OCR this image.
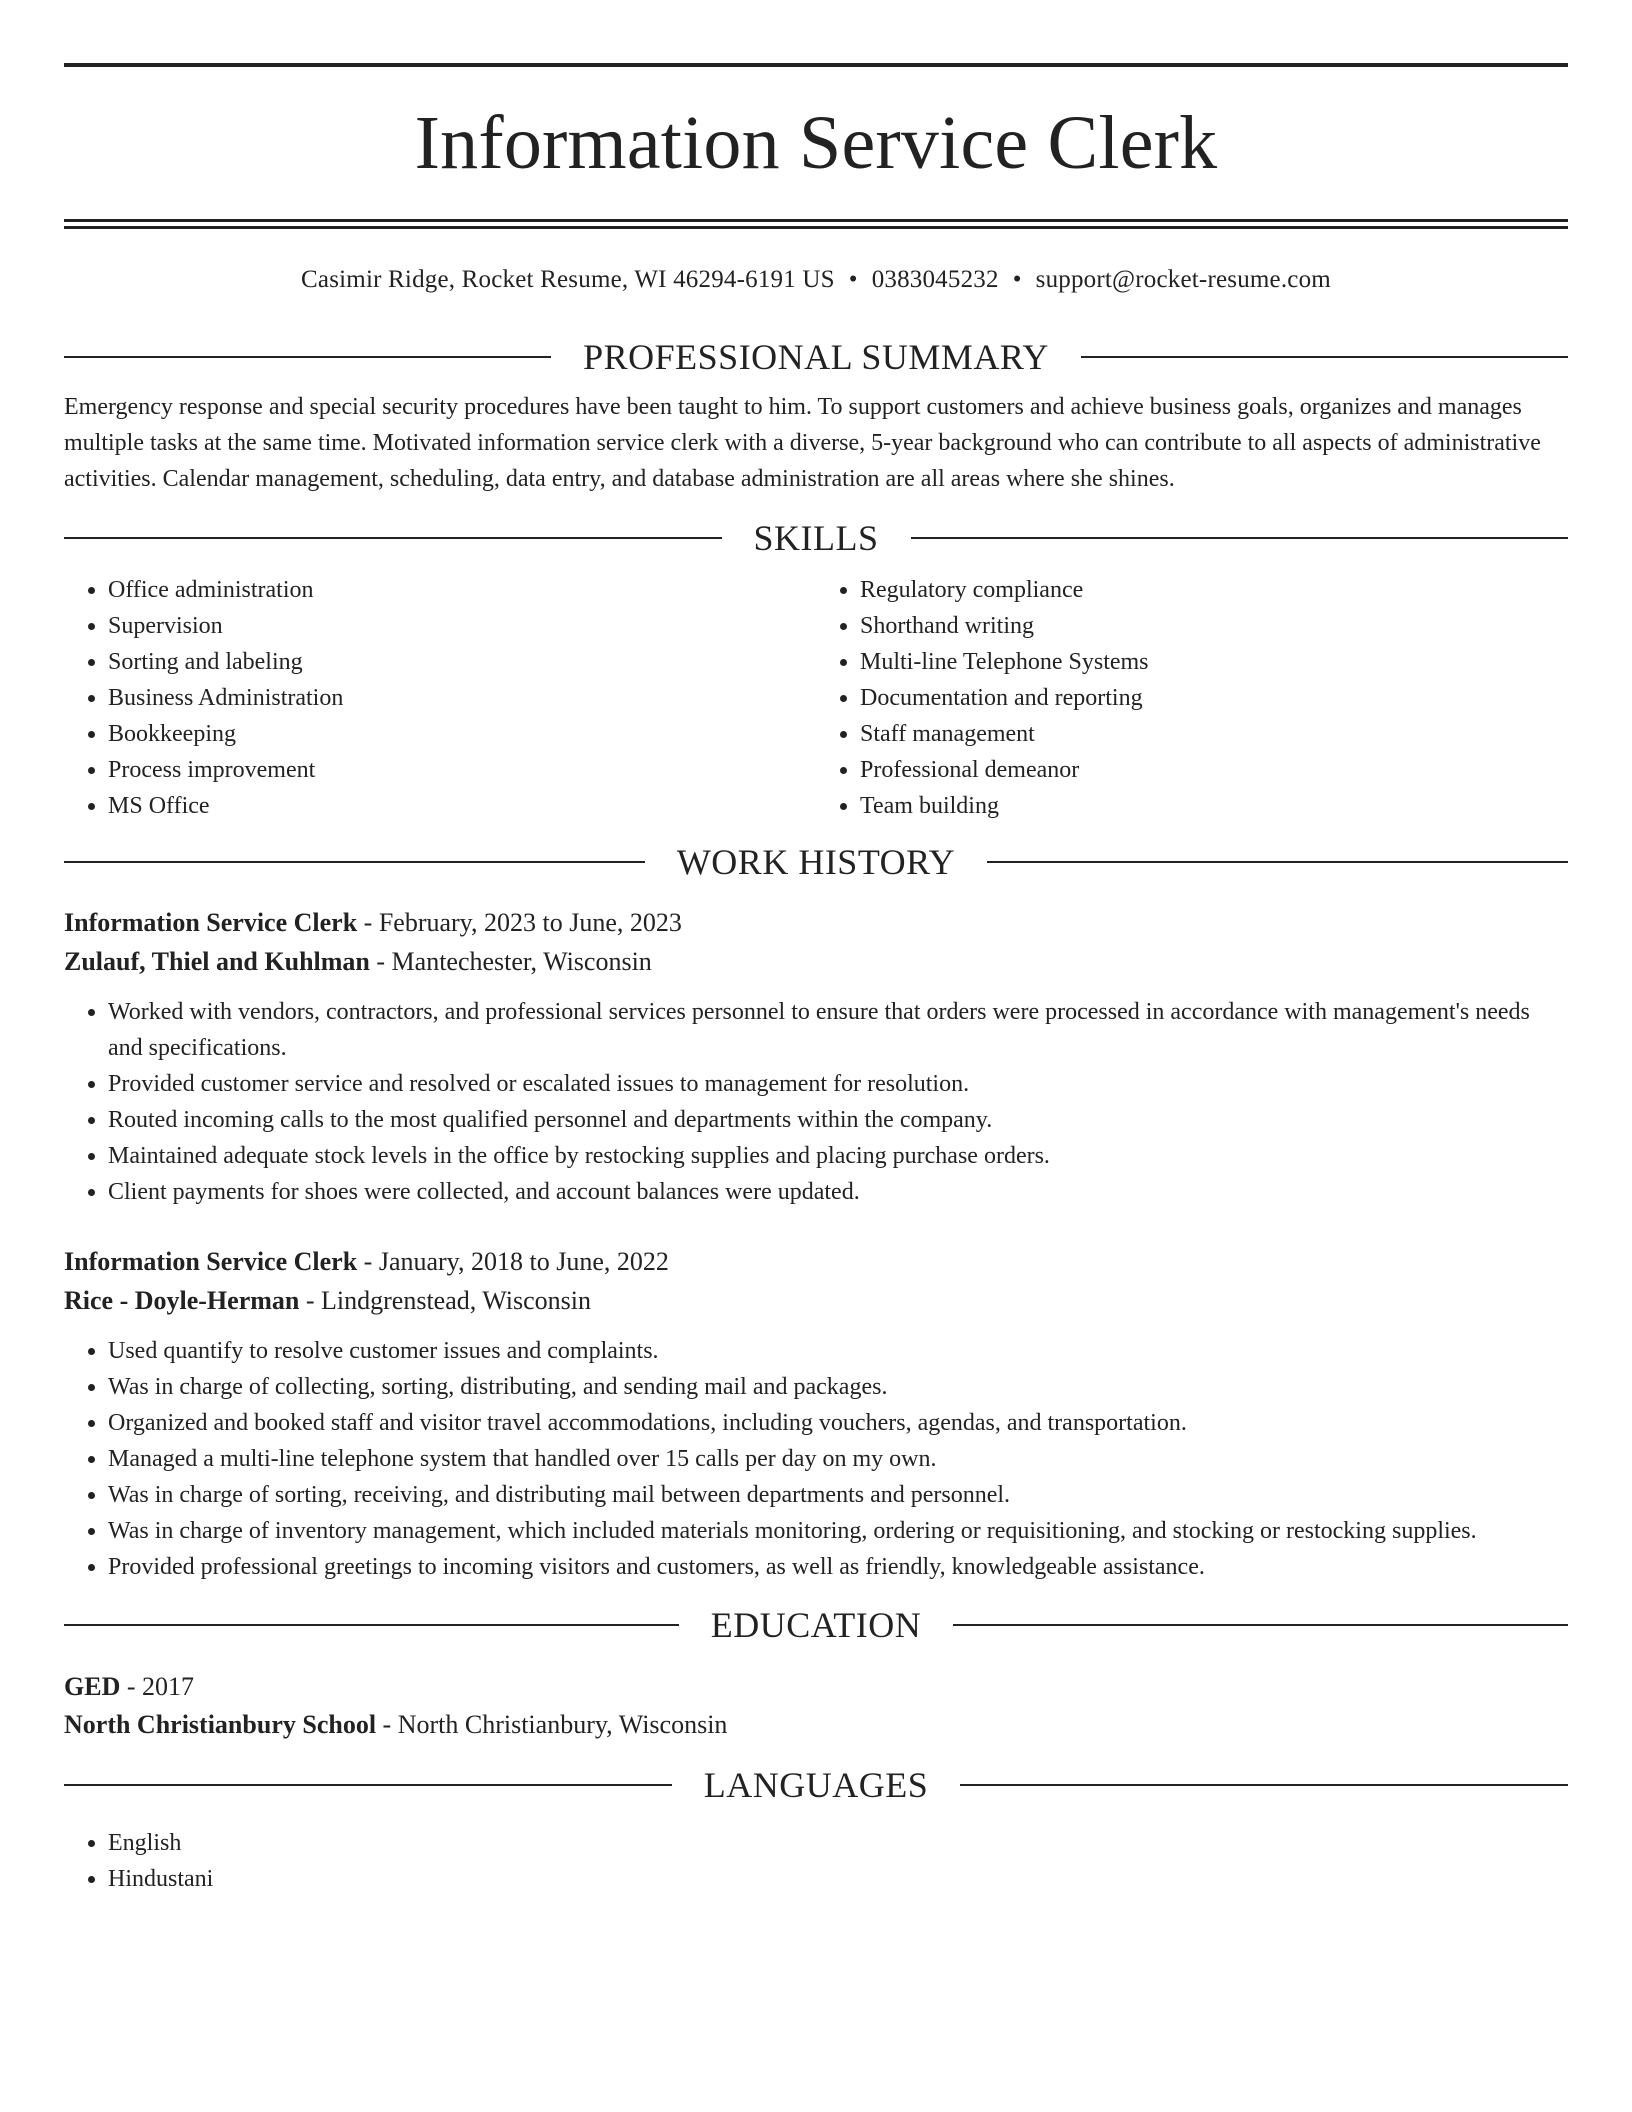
Information Service Clerk
Casimir Ridge, Rocket Resume, WI 46294-6191 US • 0383045232 • support@rocket-resume.com
PROFESSIONAL SUMMARY
Emergency response and special security procedures have been taught to him. To support customers and achieve business goals, organizes and manages multiple tasks at the same time. Motivated information service clerk with a diverse, 5-year background who can contribute to all aspects of administrative activities. Calendar management, scheduling, data entry, and database administration are all areas where she shines.
SKILLS
• Office administration
• Supervision
• Sorting and labeling
• Business Administration
• Bookkeeping
• Process improvement
• MS Office
• Regulatory compliance
• Shorthand writing
• Multi-line Telephone Systems
• Documentation and reporting
• Staff management
• Professional demeanor
• Team building
WORK HISTORY
Information Service Clerk - February, 2023 to June, 2023
Zulauf, Thiel and Kuhlman - Mantechester, Wisconsin
• Worked with vendors, contractors, and professional services personnel to ensure that orders were processed in accordance with management's needs and specifications.
• Provided customer service and resolved or escalated issues to management for resolution.
• Routed incoming calls to the most qualified personnel and departments within the company.
• Maintained adequate stock levels in the office by restocking supplies and placing purchase orders.
• Client payments for shoes were collected, and account balances were updated.
Information Service Clerk - January, 2018 to June, 2022
Rice - Doyle-Herman - Lindgrenstead, Wisconsin
• Used quantify to resolve customer issues and complaints.
• Was in charge of collecting, sorting, distributing, and sending mail and packages.
• Organized and booked staff and visitor travel accommodations, including vouchers, agendas, and transportation.
• Managed a multi-line telephone system that handled over 15 calls per day on my own.
• Was in charge of sorting, receiving, and distributing mail between departments and personnel.
• Was in charge of inventory management, which included materials monitoring, ordering or requisitioning, and stocking or restocking supplies.
• Provided professional greetings to incoming visitors and customers, as well as friendly, knowledgeable assistance.
EDUCATION
GED - 2017
North Christianbury School - North Christianbury, Wisconsin
LANGUAGES
• English
• Hindustani
